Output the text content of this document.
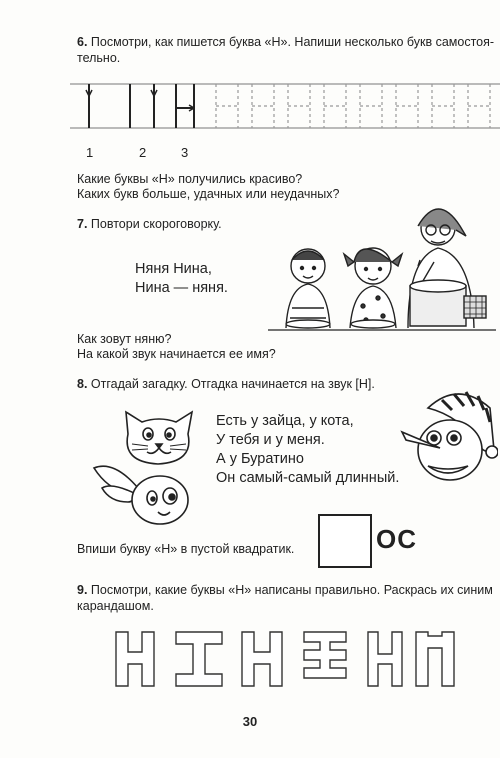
6. Посмотри, как пишется буква «Н». Напиши несколько букв самостоя-
тельно.
1	2	3
Какие буквы «Н» получились красиво?
Каких букв больше, удачных или неудачных?
7. Повтори скороговорку.
Няня Нина,
Нина — няня.
Как зовут няню?
На какой звук начинается ее имя?
8. Отгадай загадку. Отгадка начинается на звук [Н].
Есть у зайца, у кота,
У тебя и у меня.
А у Буратино
Он самый-самый длинный.
Впиши букву «Н» в пустой квадратик.	ОС
9. Посмотри, какие буквы «Н» написаны правильно. Раскрась их синим
карандашом.
30
